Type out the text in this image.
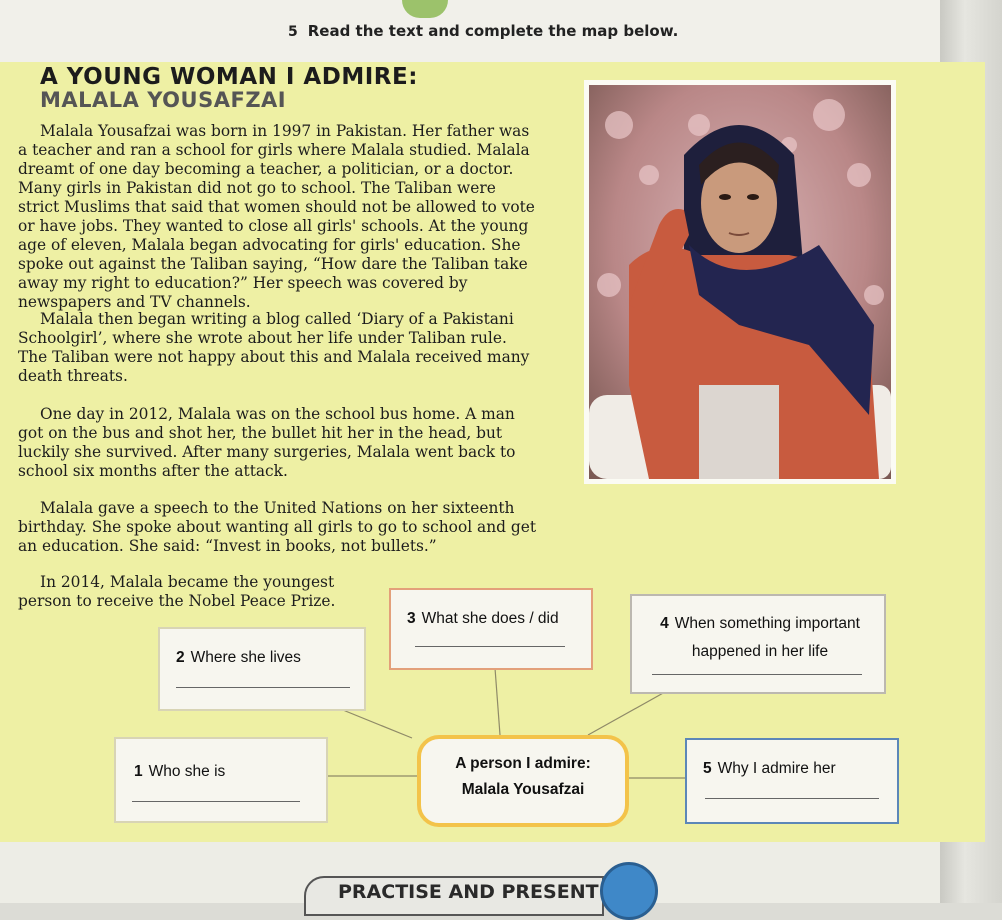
5 Read the text and complete the map below.
A YOUNG WOMAN I ADMIRE:
MALALA YOUSAFZAI

Malala Yousafzai was born in 1997 in Pakistan. Her father was a teacher and ran a school for girls where Malala studied. Malala dreamt of one day becoming a teacher, a politician, or a doctor. Many girls in Pakistan did not go to school. The Taliban were strict Muslims that said that women should not be allowed to vote or have jobs. They wanted to close all girls' schools. At the young age of eleven, Malala began advocating for girls' education. She spoke out against the Taliban saying, “How dare the Taliban take away my right to education?” Her speech was covered by newspapers and TV channels.

Malala then began writing a blog called ‘Diary of a Pakistani Schoolgirl’, where she wrote about her life under Taliban rule. The Taliban were not happy about this and Malala received many death threats.

One day in 2012, Malala was on the school bus home. A man got on the bus and shot her, the bullet hit her in the head, but luckily she survived. After many surgeries, Malala went back to school six months after the attack.

Malala gave a speech to the United Nations on her sixteenth birthday. She spoke about wanting all girls to go to school and get an education. She said: “Invest in books, not bullets.”

In 2014, Malala became the youngest person to receive the Nobel Peace Prize.

3 What she does / did	4 When something important happened in her life
2 Where she lives
1 Who she is	5 Why I admire her
A person I admire:
Malala Yousafzai
PRACTISE AND PRESENT
